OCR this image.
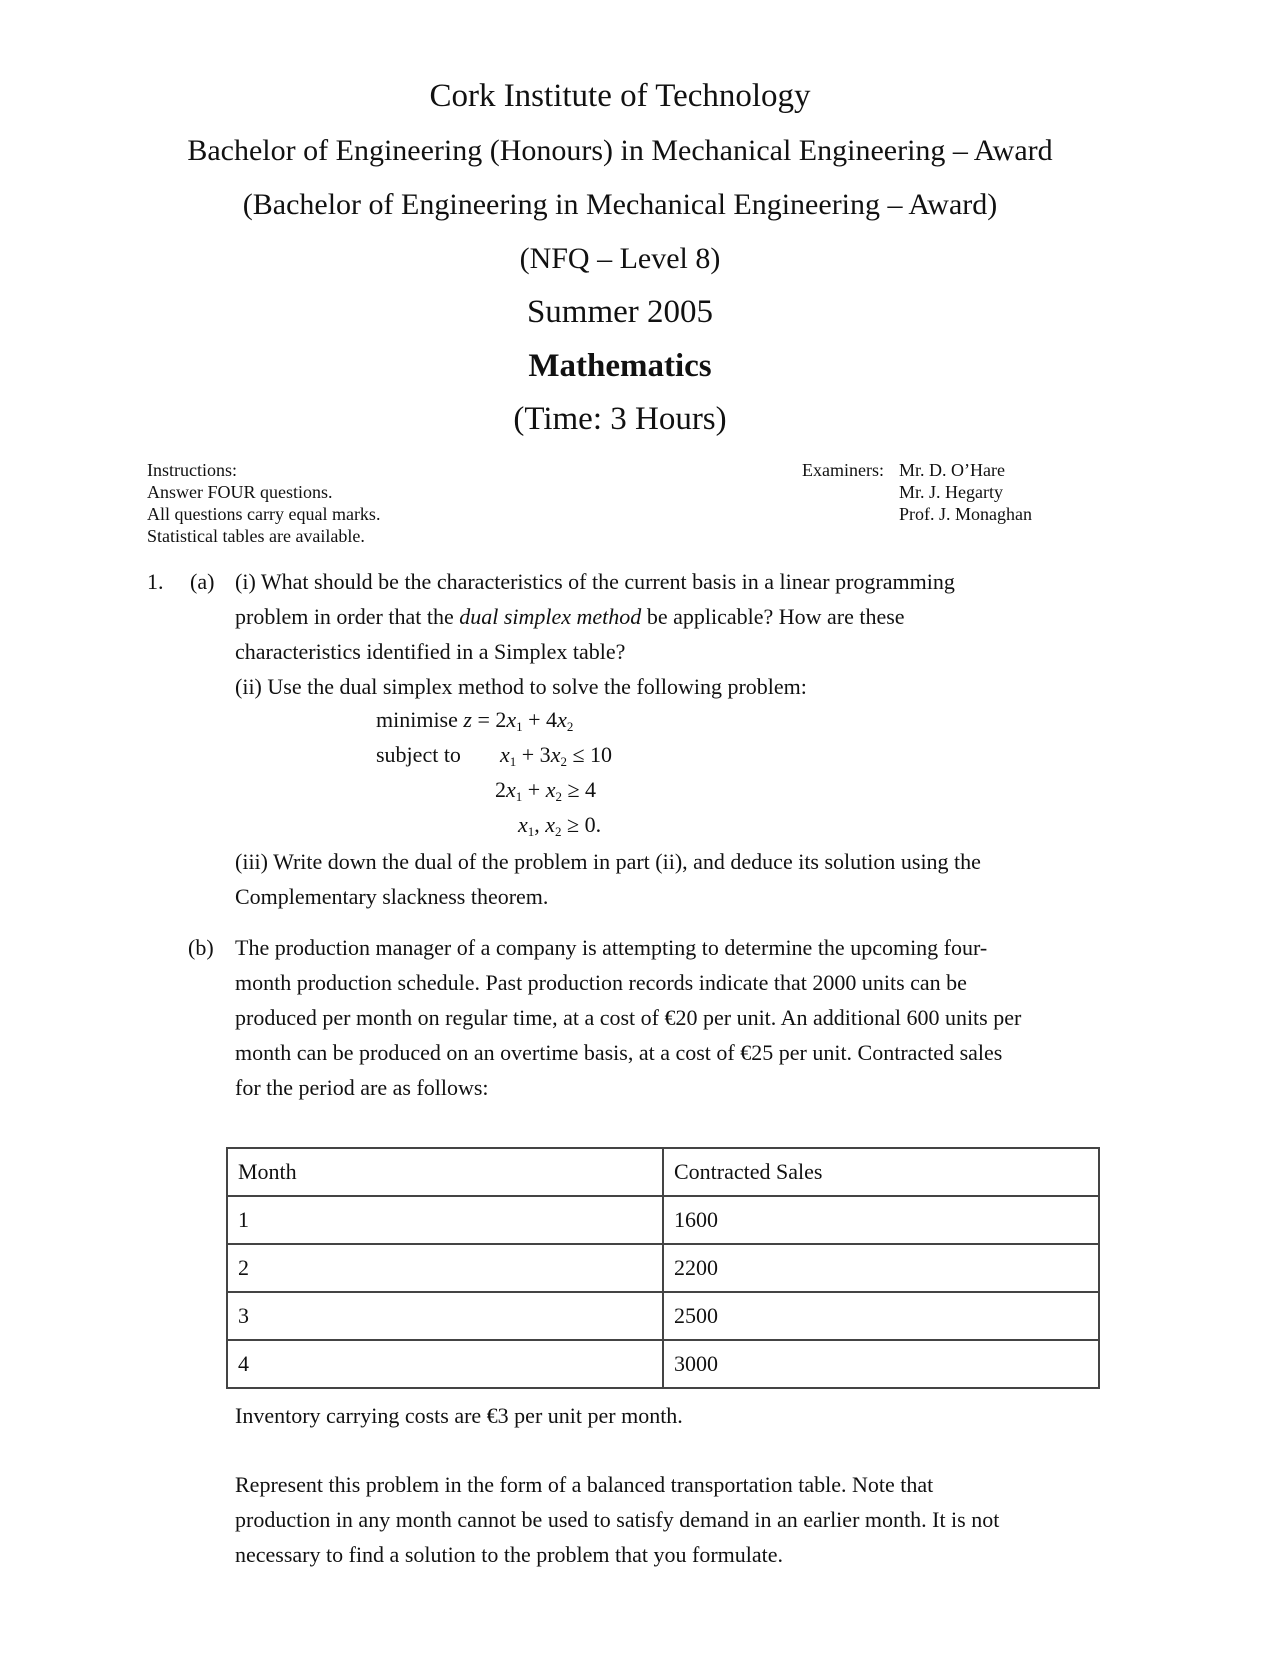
Cork Institute of Technology
Bachelor of Engineering (Honours) in Mechanical Engineering – Award
(Bachelor of Engineering in Mechanical Engineering – Award)
(NFQ – Level 8)
Summer 2005
Mathematics
(Time: 3 Hours)
Instructions:
Answer FOUR questions.
All questions carry equal marks.
Statistical tables are available.
Examiners: Mr. D. O’Hare
Mr. J. Hegarty
Prof. J. Monaghan
1. (a) (i) What should be the characteristics of the current basis in a linear programming
problem in order that the dual simplex method be applicable? How are these
characteristics identified in a Simplex table?
(ii) Use the dual simplex method to solve the following problem:
minimise $z = 2x_1 + 4x_2$
subject to $x_1 + 3x_2 \le 10$
$2x_1 + x_2 \ge 4$
$x_1$, $x_2 \ge 0$.
(iii) Write down the dual of the problem in part (ii), and deduce its solution using the
Complementary slackness theorem.
(b) The production manager of a company is attempting to determine the upcoming four-
month production schedule. Past production records indicate that 2000 units can be
produced per month on regular time, at a cost of €20 per unit. An additional 600 units per
month can be produced on an overtime basis, at a cost of €25 per unit. Contracted sales
for the period are as follows:
Month	Contracted Sales
1	1600
2	2200
3	2500
4	3000
Inventory carrying costs are €3 per unit per month.
Represent this problem in the form of a balanced transportation table. Note that
production in any month cannot be used to satisfy demand in an earlier month. It is not
necessary to find a solution to the problem that you formulate.
